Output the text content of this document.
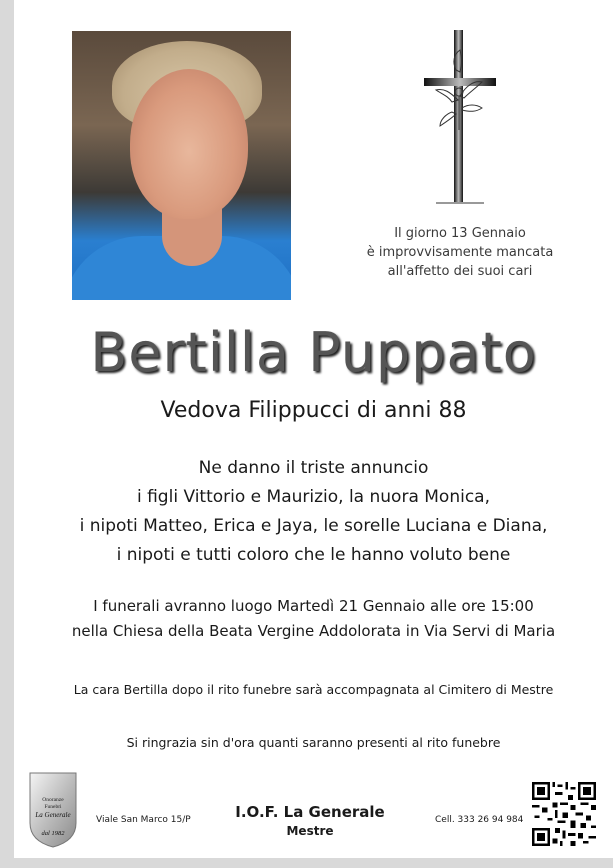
Il giorno 13 Gennaio
è improvvisamente mancata
all'affetto dei suoi cari
Bertilla Puppato
Vedova Filippucci di anni 88
Ne danno il triste annuncio
i figli Vittorio e Maurizio, la nuora Monica,
i nipoti Matteo, Erica e Jaya, le sorelle Luciana e Diana,
i nipoti e tutti coloro che le hanno voluto bene
I funerali avranno luogo Martedì 21 Gennaio alle ore 15:00
nella Chiesa della Beata Vergine Addolorata in Via Servi di Maria
La cara Bertilla dopo il rito funebre sarà accompagnata al Cimitero di Mestre
Si ringrazia sin d'ora quanti saranno presenti al rito funebre
Onoranze
Funebri
La Generale
dal 1982
Viale San Marco 15/P	I.O.F. La Generale
Mestre
Cell. 333 26 94 984
